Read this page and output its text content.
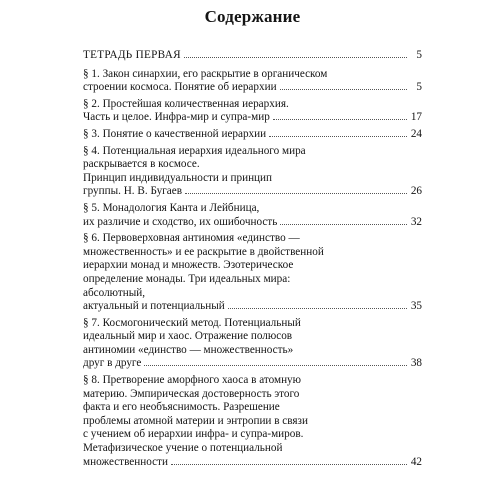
Содержание
ТЕТРАДЬ ПЕРВАЯ	5
§ 1. Закон синархии, его раскрытие в органическом
строении космоса. Понятие об иерархии	5
§ 2. Простейшая количественная иерархия.
Часть и целое. Инфра-мир и супра-мир	17
§ 3. Понятие о качественной иерархии	24
§ 4. Потенциальная иерархия идеального мира
раскрывается в космосе.
Принцип индивидуальности и принцип
группы. Н. В. Бугаев	26
§ 5. Монадология Канта и Лейбница,
их различие и сходство, их ошибочность	32
§ 6. Первоверховная антиномия «единство —
множественность» и ее раскрытие в двойственной
иерархии монад и множеств. Эзотерическое
определение монады. Три идеальных мира:
абсолютный,
актуальный и потенциальный	35
§ 7. Космогонический метод. Потенциальный
идеальный мир и хаос. Отражение полюсов
антиномии «единство — множественность»
друг в друге	38
§ 8. Претворение аморфного хаоса в атомную
материю. Эмпирическая достоверность этого
факта и его необъяснимость. Разрешение
проблемы атомной материи и энтропии в связи
с учением об иерархии инфра- и супра-миров.
Метафизическое учение о потенциальной
множественности	42
